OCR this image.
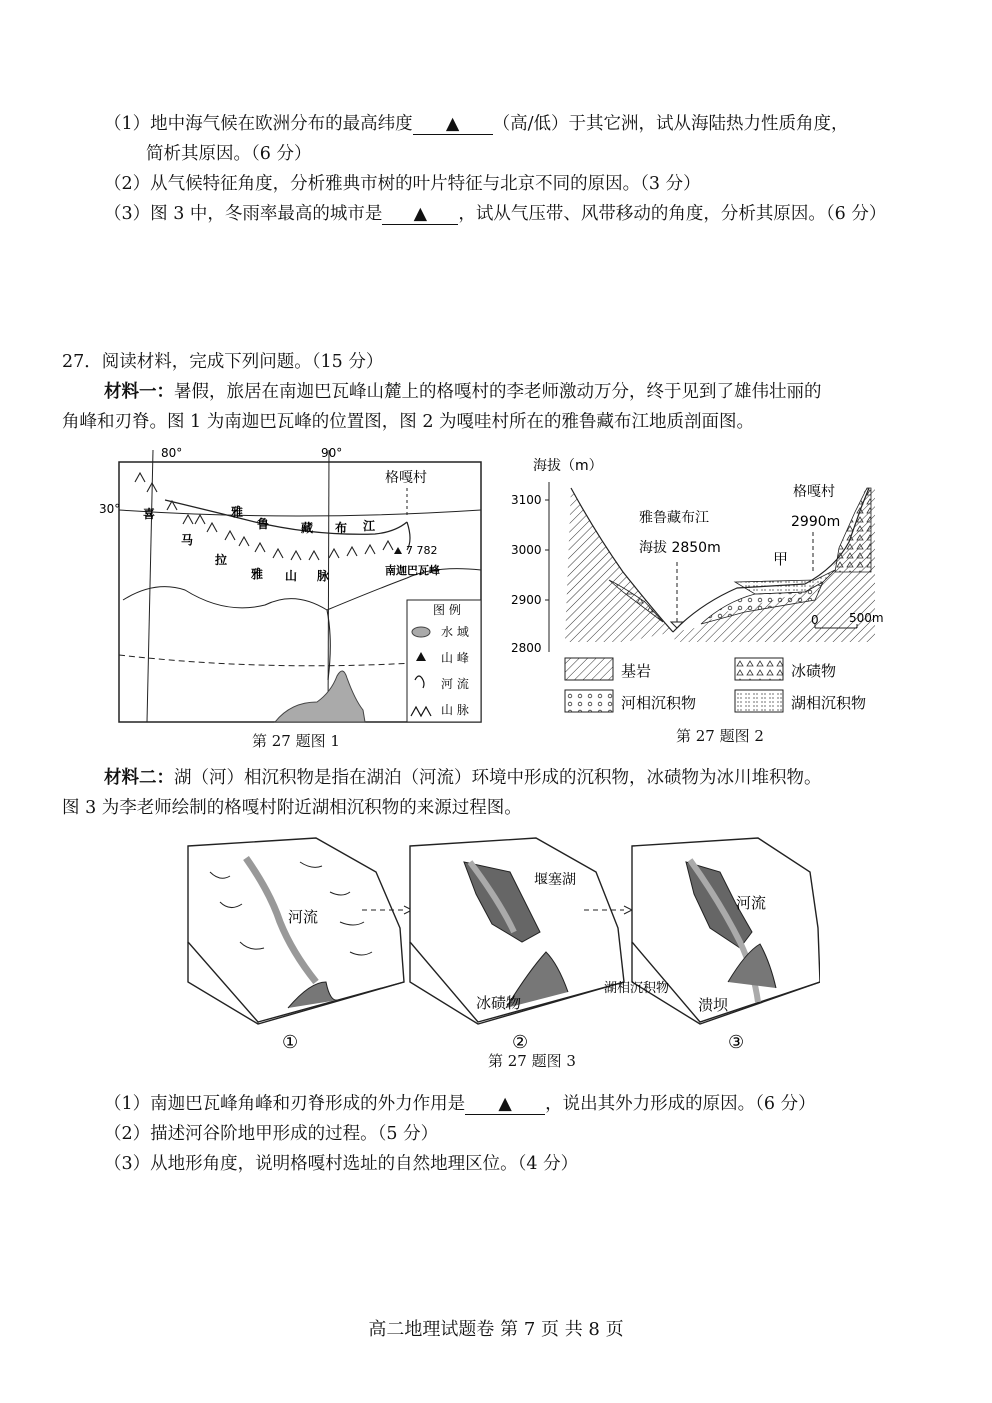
（1）地中海气候在欧洲分布的最高纬度 ▲ （高/低）于其它洲，试从海陆热力性质角度，
简析其原因。（6 分）
（2）从气候特征角度，分析雅典市树的叶片特征与北京不同的原因。（3 分）
（3）图 3 中，冬雨率最高的城市是 ▲ ，试从气压带、风带移动的角度，分析其原因。（6 分）
27．阅读材料，完成下列问题。（15 分）
材料一：暑假，旅居在南迦巴瓦峰山麓上的格嘎村的李老师激动万分，终于见到了雄伟壮丽的
角峰和刃脊。图 1 为南迦巴瓦峰的位置图，图 2 为嘎哇村所在的雅鲁藏布江地质剖面图。
80°	90°
30°	雅
鲁	藏 布 江
喜
马
拉
雅 山 脉
格嘎村
7 782
南迦巴瓦峰
图 例
水 域
山 峰
河 流
山 脉
第 27 题图 1
海拔（m）
3100
3000
2900
2800
雅鲁藏布江
海拔 2850m
格嘎村
2990m
甲
0	500m
基岩	冰碛物
河相沉积物	湖相沉积物
第 27 题图 2
材料二：湖（河）相沉积物是指在湖泊（河流）环境中形成的沉积物，冰碛物为冰川堆积物。
图 3 为李老师绘制的格嘎村附近湖相沉积物的来源过程图。
河流
堰塞湖
冰碛物
河流
湖相沉积物
溃坝
①	②	③
第 27 题图 3
（1）南迦巴瓦峰角峰和刃脊形成的外力作用是 ▲ ，说出其外力形成的原因。（6 分）
（2）描述河谷阶地甲形成的过程。（5 分）
（3）从地形角度，说明格嘎村选址的自然地理区位。（4 分）
高二地理试题卷 第 7 页 共 8 页
